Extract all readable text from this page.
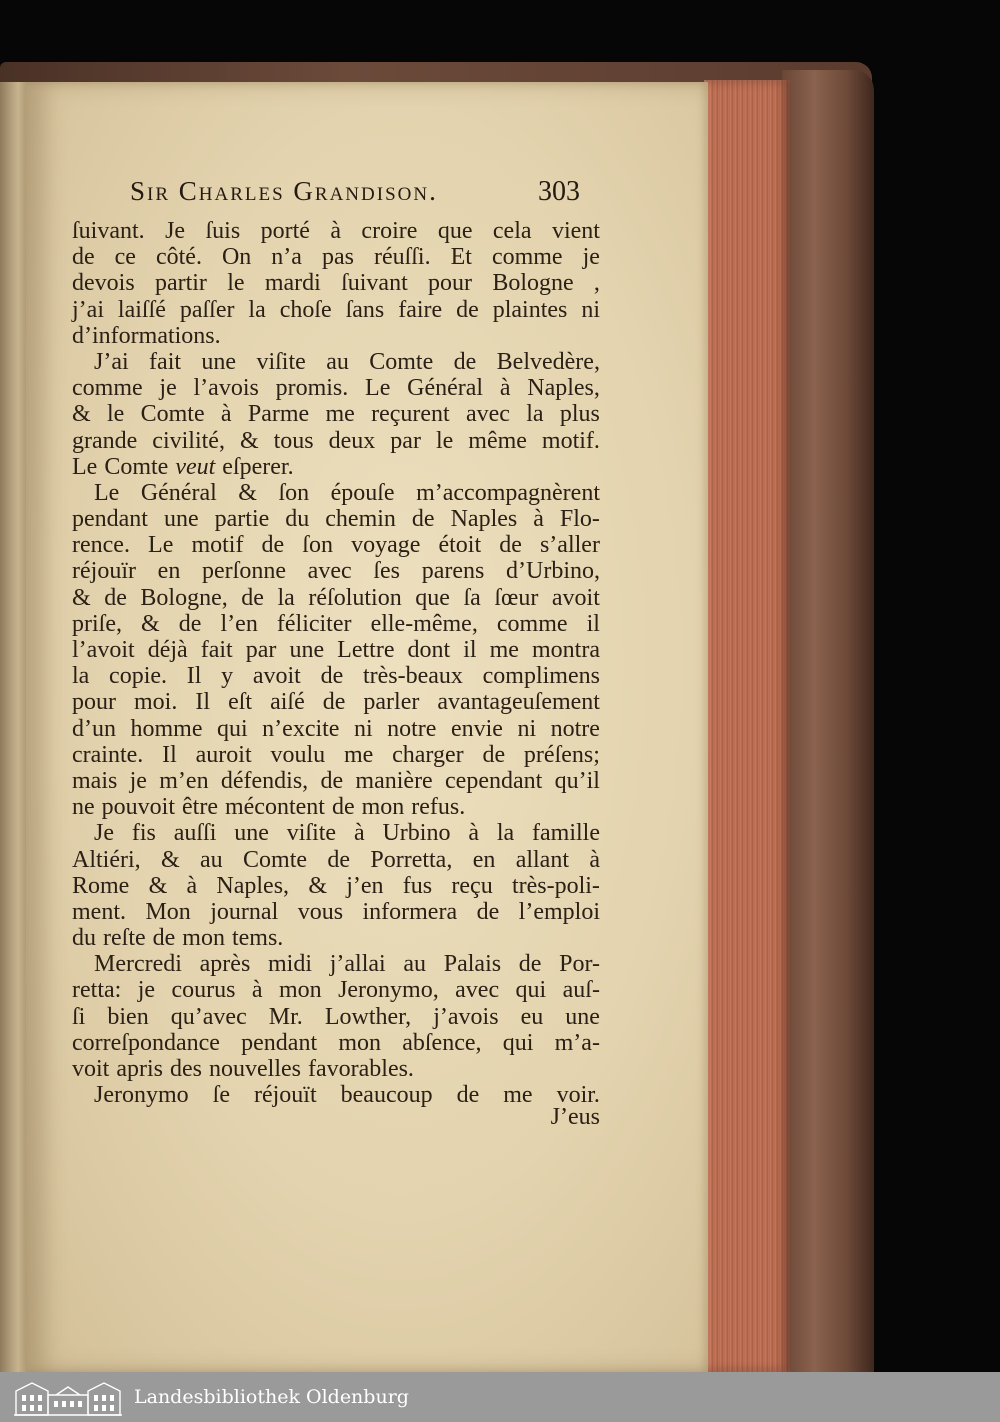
Sir Charles Grandison.	303
ſuivant. Je ſuis porté à croire que cela vient
de ce côté. On n’a pas réuſſi. Et comme je
devois partir le mardi ſuivant pour Bologne ,
j’ai laiſſé paſſer la choſe ſans faire de plaintes ni
d’informations.
J’ai fait une viſite au Comte de Belvedère,
comme je l’avois promis. Le Général à Naples,
& le Comte à Parme me reçurent avec la plus
grande civilité, & tous deux par le même motif.
Le Comte veut eſperer.
Le Général & ſon épouſe m’accompagnèrent
pendant une partie du chemin de Naples à Flo-
rence. Le motif de ſon voyage étoit de s’aller
réjouïr en perſonne avec ſes parens d’Urbino,
& de Bologne, de la réſolution que ſa ſœur avoit
priſe, & de l’en féliciter elle-même, comme il
l’avoit déjà fait par une Lettre dont il me montra
la copie. Il y avoit de très-beaux complimens
pour moi. Il eſt aiſé de parler avantageuſement
d’un homme qui n’excite ni notre envie ni notre
crainte. Il auroit voulu me charger de préſens;
mais je m’en défendis, de manière cependant qu’il
ne pouvoit être mécontent de mon refus.
Je fis auſſi une viſite à Urbino à la famille
Altiéri, & au Comte de Porretta, en allant à
Rome & à Naples, & j’en fus reçu très-poli-
ment. Mon journal vous informera de l’emploi
du reſte de mon tems.
Mercredi après midi j’allai au Palais de Por-
retta: je courus à mon Jeronymo, avec qui auſ-
ſi bien qu’avec Mr. Lowther, j’avois eu une
correſpondance pendant mon abſence, qui m’a-
voit apris des nouvelles favorables.
Jeronymo ſe réjouït beaucoup de me voir.
J’eus
Landesbibliothek Oldenburg
